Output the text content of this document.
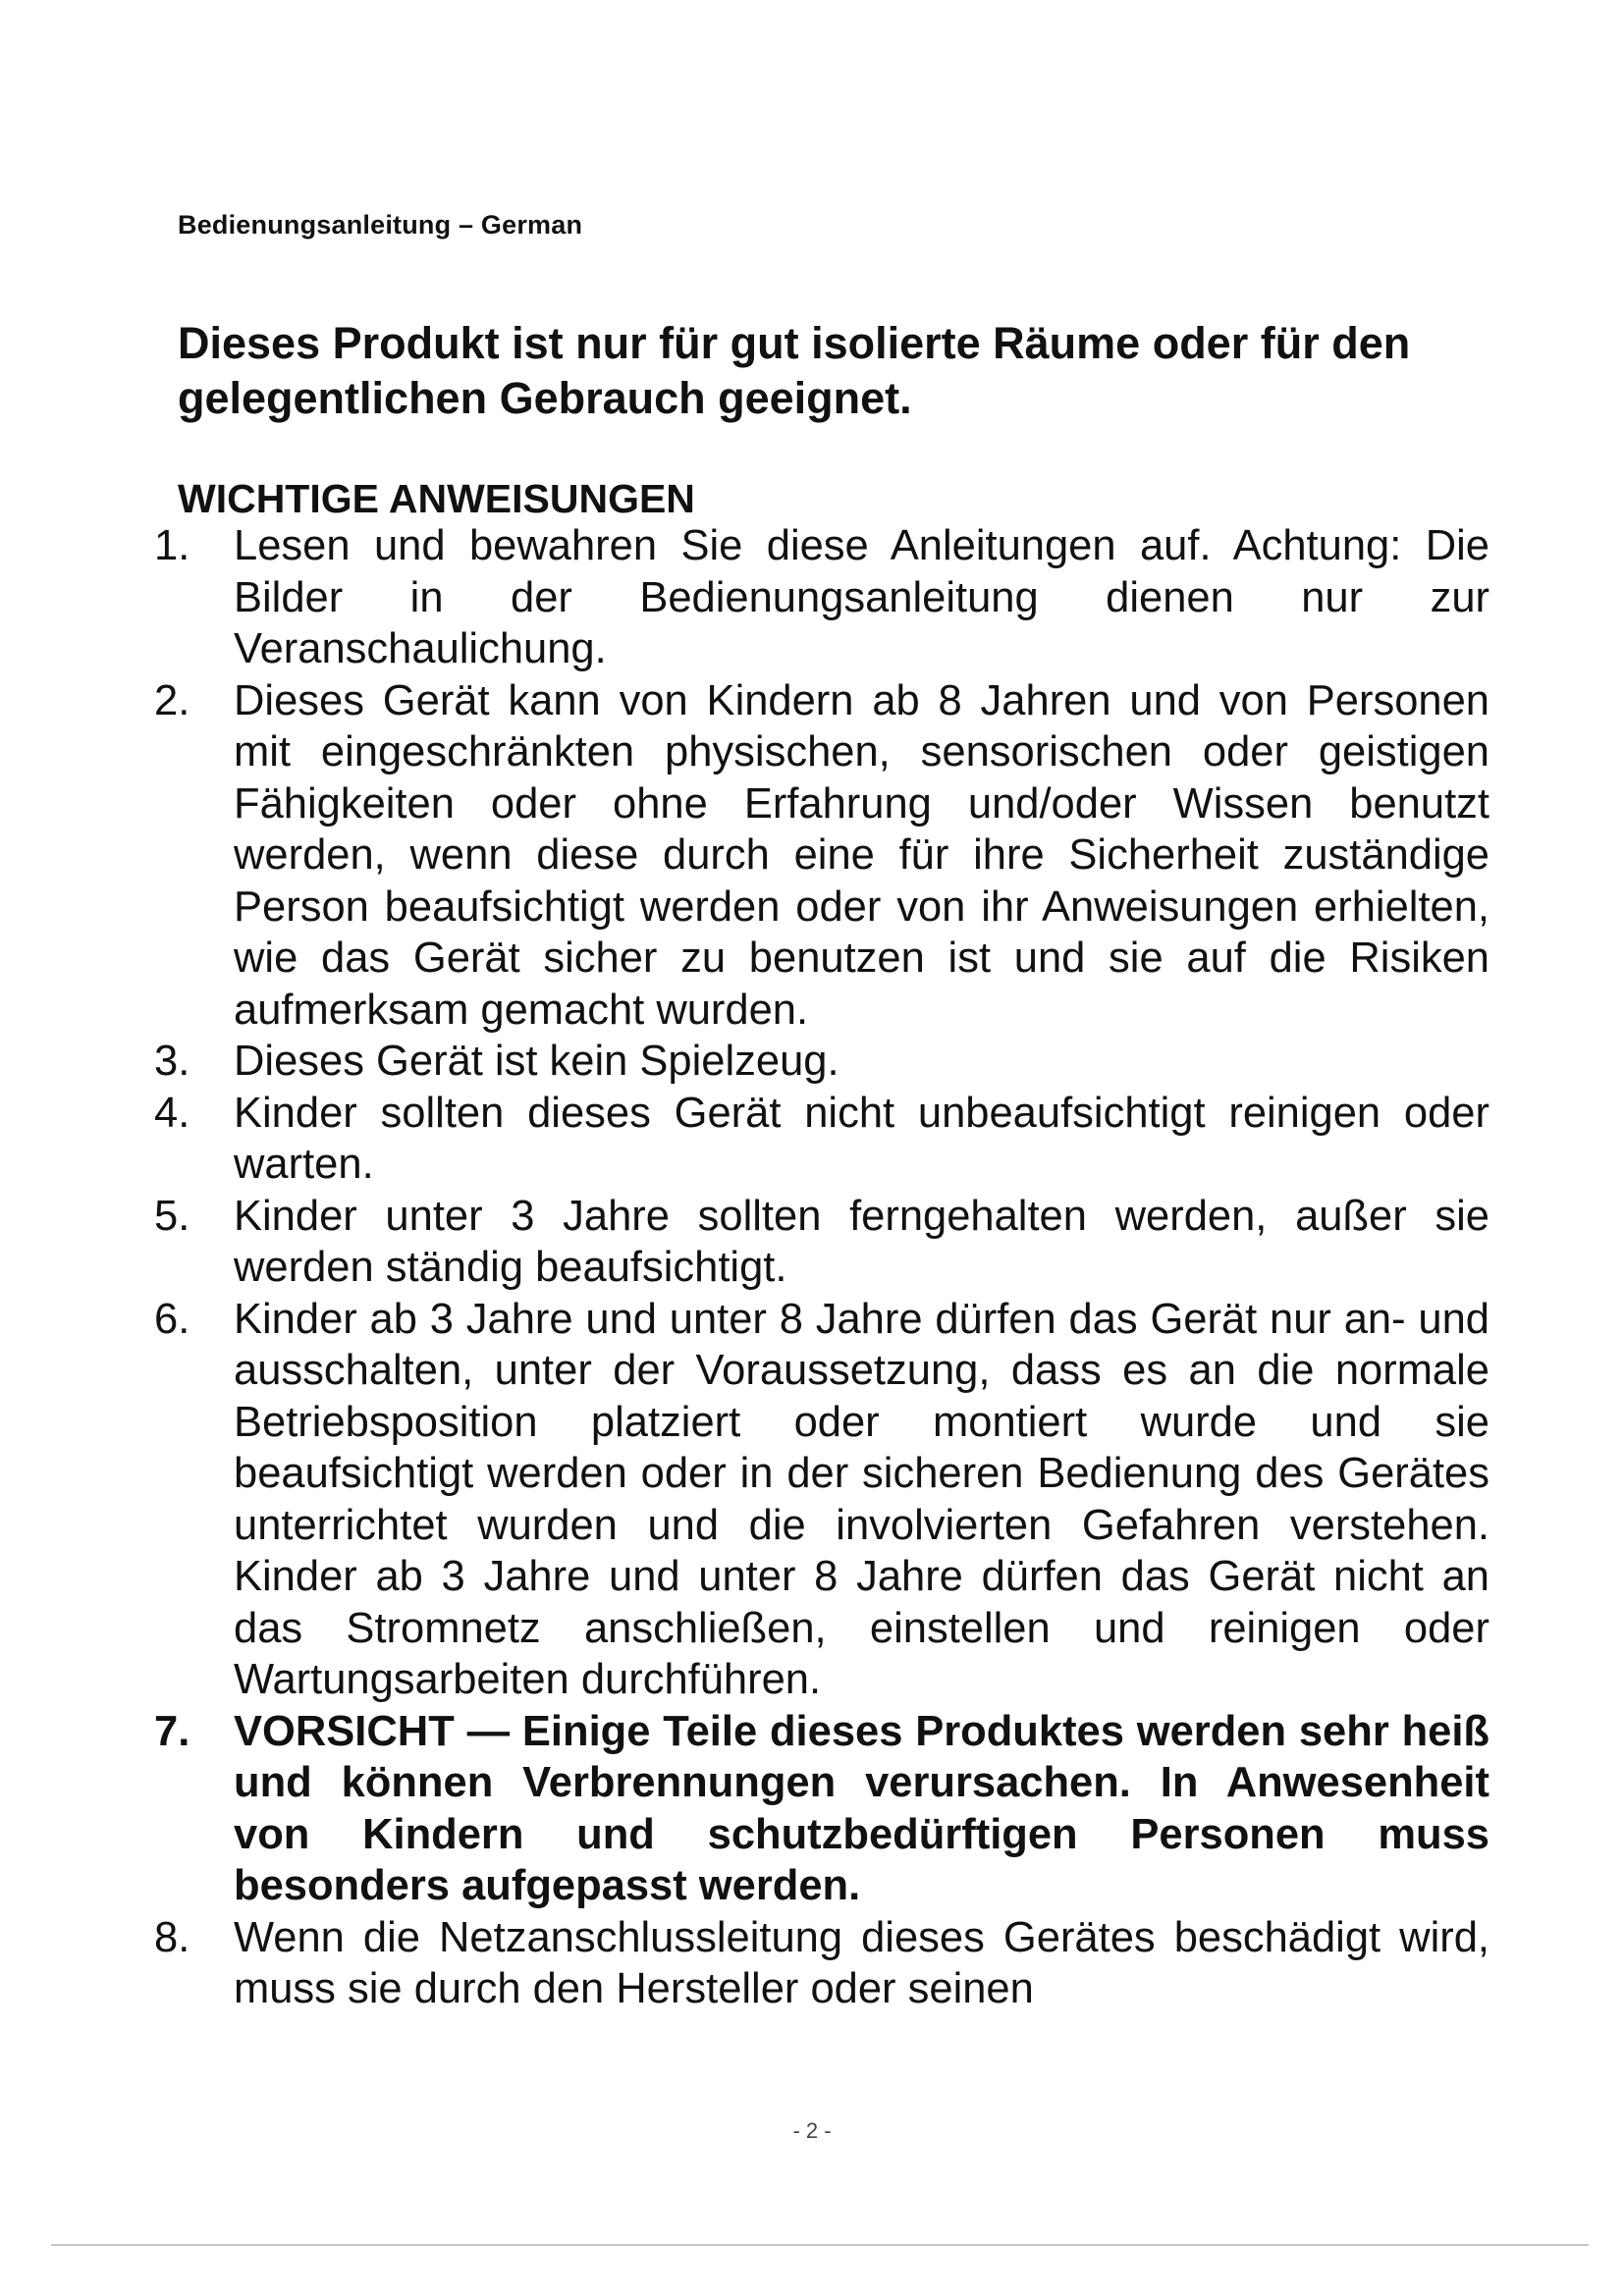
Bedienungsanleitung – German
Dieses Produkt ist nur für gut isolierte Räume oder für den gelegentlichen Gebrauch geeignet.
WICHTIGE ANWEISUNGEN
1. Lesen und bewahren Sie diese Anleitungen auf. Achtung: Die Bilder in der Bedienungsanleitung dienen nur zur Veranschaulichung.
2. Dieses Gerät kann von Kindern ab 8 Jahren und von Personen mit eingeschränkten physischen, sensorischen oder geistigen Fähigkeiten oder ohne Erfahrung und/oder Wissen benutzt werden, wenn diese durch eine für ihre Sicherheit zuständige Person beaufsichtigt werden oder von ihr Anweisungen erhielten, wie das Gerät sicher zu benutzen ist und sie auf die Risiken aufmerksam gemacht wurden.
3. Dieses Gerät ist kein Spielzeug.
4. Kinder sollten dieses Gerät nicht unbeaufsichtigt reinigen oder warten.
5. Kinder unter 3 Jahre sollten ferngehalten werden, außer sie werden ständig beaufsichtigt.
6. Kinder ab 3 Jahre und unter 8 Jahre dürfen das Gerät nur an- und ausschalten, unter der Voraussetzung, dass es an die normale Betriebsposition platziert oder montiert wurde und sie beaufsichtigt werden oder in der sicheren Bedienung des Gerätes unterrichtet wurden und die involvierten Gefahren verstehen. Kinder ab 3 Jahre und unter 8 Jahre dürfen das Gerät nicht an das Stromnetz anschließen, einstellen und reinigen oder Wartungsarbeiten durchführen.
7. VORSICHT — Einige Teile dieses Produktes werden sehr heiß und können Verbrennungen verursachen. In Anwesenheit von Kindern und schutzbedürftigen Personen muss besonders aufgepasst werden.
8. Wenn die Netzanschlussleitung dieses Gerätes beschädigt wird, muss sie durch den Hersteller oder seinen
- 2 -
